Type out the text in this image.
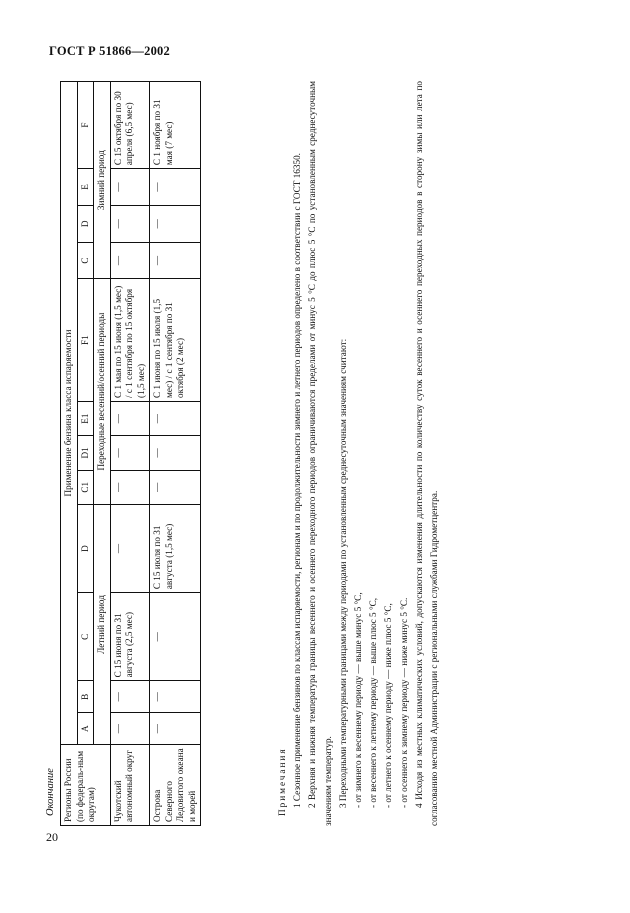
ГОСТ Р 51866—2002
Окончание
20
Регионы России (по федераль-ным округам)	Применение бензина класса испаряемости											
	A	B	C	D	C1	D1	E1	F1	C	D	E	F
	Летний период				Переходные весенний/осенний периоды				Зимний период			
Чукотский автономный округ	—	—	С 15 июня по 31 августа (2,5 мес)	—	—	—	—	С 1 мая по 15 июня (1,5 мес) / с 1 сентября по 15 октября (1,5 мес)	—	—	—	С 15 октября по 30 апреля (6,5 мес)
Острова Северного Ледовитого океана и морей	—	—	—	С 15 июля по 31 августа (1,5 мес)	—	—	—	С 1 июня по 15 июля (1,5 мес) / с 1 сентября по 31 октября (2 мес)	—	—	—	С 1 ноября по 31 мая (7 мес)

Примечания 1 Сезонное применение бензинов по классам испаряемости, регионам и по продолжительности зимнего и летнего периодов определено в соответствии с ГОСТ 16350. 2 Верхняя и нижняя температура границы весеннего и осеннего переходного периодов ограничиваются пределами от минус 5 °С до плюс 5 °С по установленным среднесуточным значениям температур. 3 Переходными температурными границами между периодами по установленным среднесуточным значениям считают: - от зимнего к весеннему периоду — выше минус 5 °С, - от весеннего к летнему периоду — выше плюс 5 °С, - от летнего к осеннему периоду — ниже плюс 5 °С, - от осеннего к зимнему периоду — ниже минус 5 °С. 4 Исходя из местных климатических условий, допускаются изменения длительности по количеству суток весеннего и осеннего переходных периодов в сторону зимы или лета по согласованию местной Администрации с региональными службами Гидрометцентра.
